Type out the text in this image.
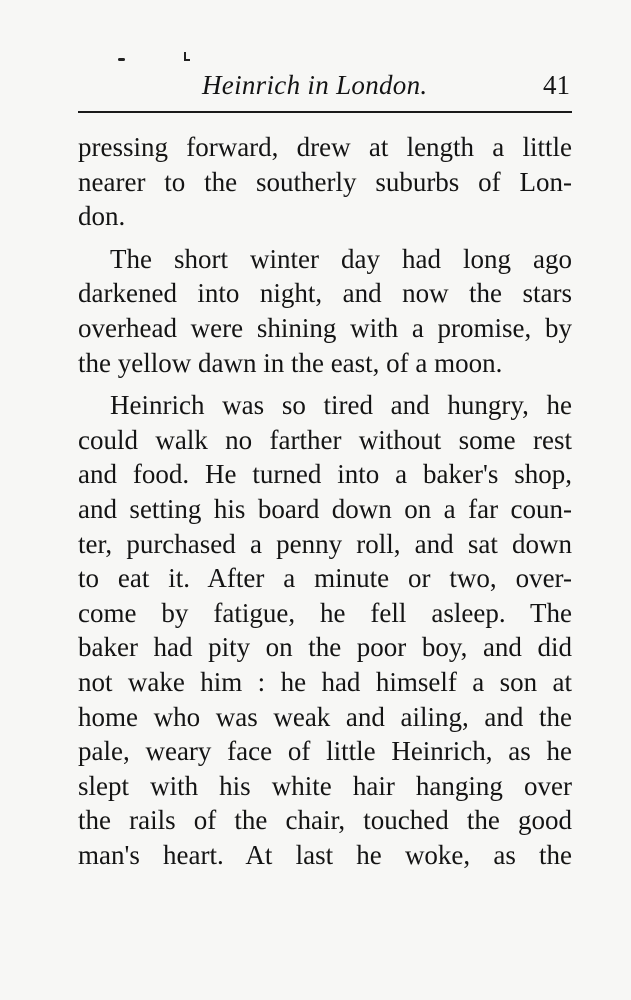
Heinrich in London.	41
pressing forward, drew at length a little
nearer to the southerly suburbs of Lon-
don.
The short winter day had long ago
darkened into night, and now the stars
overhead were shining with a promise, by
the yellow dawn in the east, of a moon.
Heinrich was so tired and hungry, he
could walk no farther without some rest
and food. He turned into a baker's shop,
and setting his board down on a far coun-
ter, purchased a penny roll, and sat down
to eat it. After a minute or two, over-
come by fatigue, he fell asleep. The
baker had pity on the poor boy, and did
not wake him : he had himself a son at
home who was weak and ailing, and the
pale, weary face of little Heinrich, as he
slept with his white hair hanging over
the rails of the chair, touched the good
man's heart. At last he woke, as the
